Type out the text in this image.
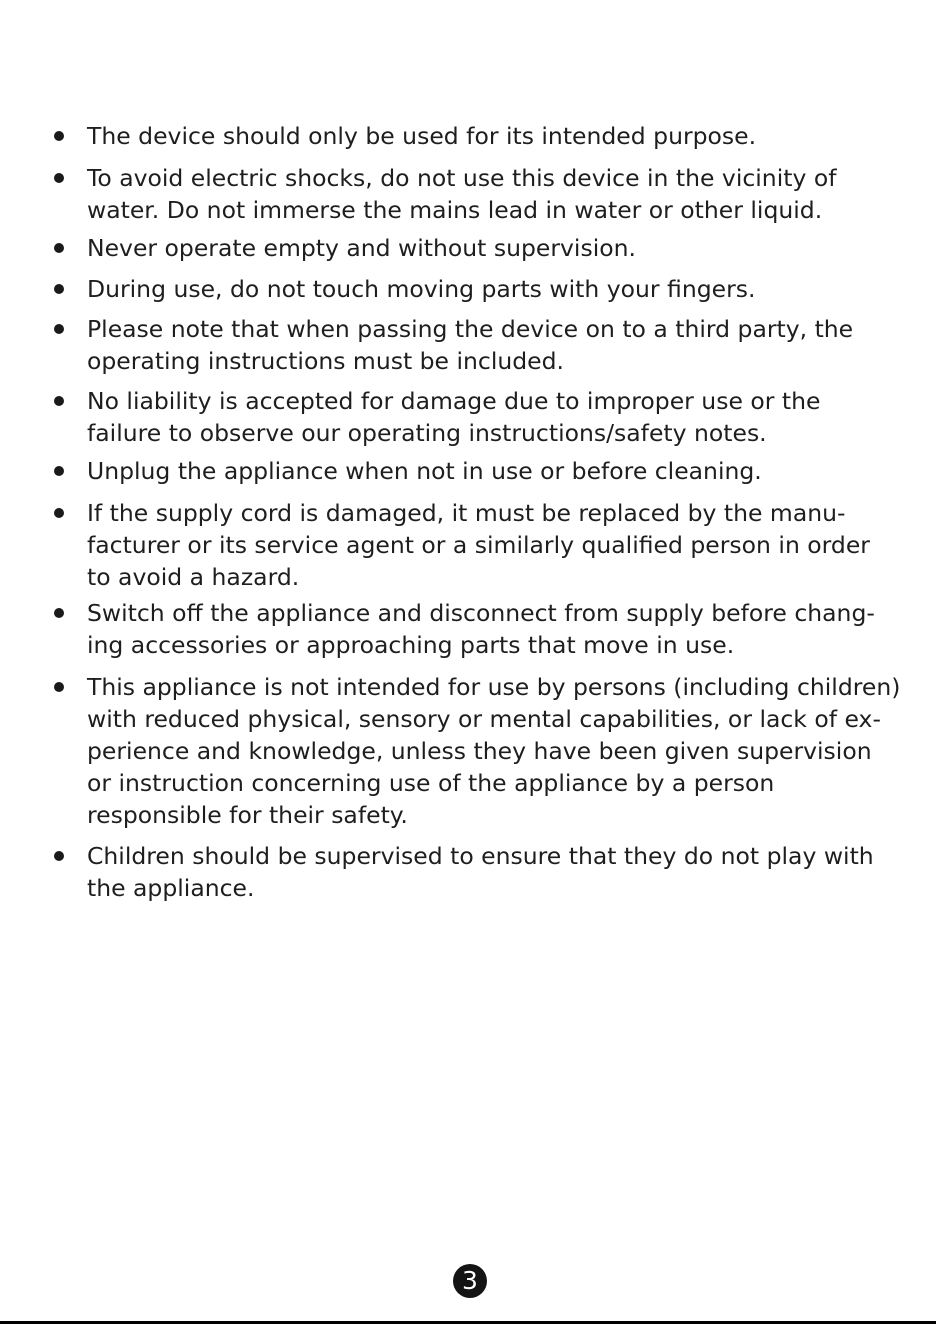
The device should only be used for its intended purpose.
To avoid electric shocks, do not use this device in the vicinity of
water. Do not immerse the mains lead in water or other liquid.
Never operate empty and without supervision.
During use, do not touch moving parts with your fingers.
Please note that when passing the device on to a third party, the
operating instructions must be included.
No liability is accepted for damage due to improper use or the
failure to observe our operating instructions/safety notes.
Unplug the appliance when not in use or before cleaning.
If the supply cord is damaged, it must be replaced by the manu-
facturer or its service agent or a similarly qualified person in order
to avoid a hazard.
Switch off the appliance and disconnect from supply before chang-
ing accessories or approaching parts that move in use.
This appliance is not intended for use by persons (including children)
with reduced physical, sensory or mental capabilities, or lack of ex-
perience and knowledge, unless they have been given supervision
or instruction concerning use of the appliance by a person
responsible for their safety.
Children should be supervised to ensure that they do not play with
the appliance.
3
